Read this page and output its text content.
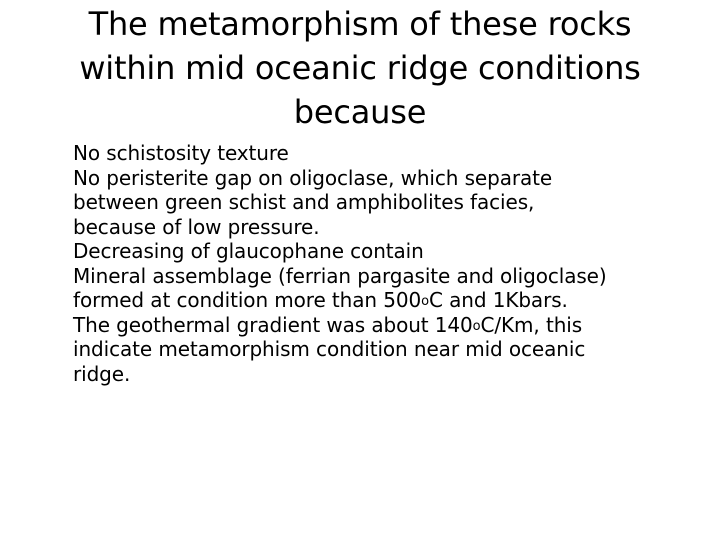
The metamorphism of these rocks
within mid oceanic ridge conditions
because
No schistosity texture
No peristerite gap on oligoclase, which separate
between green schist and amphibolites facies,
because of low pressure.
Decreasing of glaucophane contain
Mineral assemblage (ferrian pargasite and oligoclase)
formed at condition more than 500$^o$C and 1Kbars.
The geothermal gradient was about 140$^o$C/Km, this
indicate metamorphism condition near mid oceanic
ridge.
